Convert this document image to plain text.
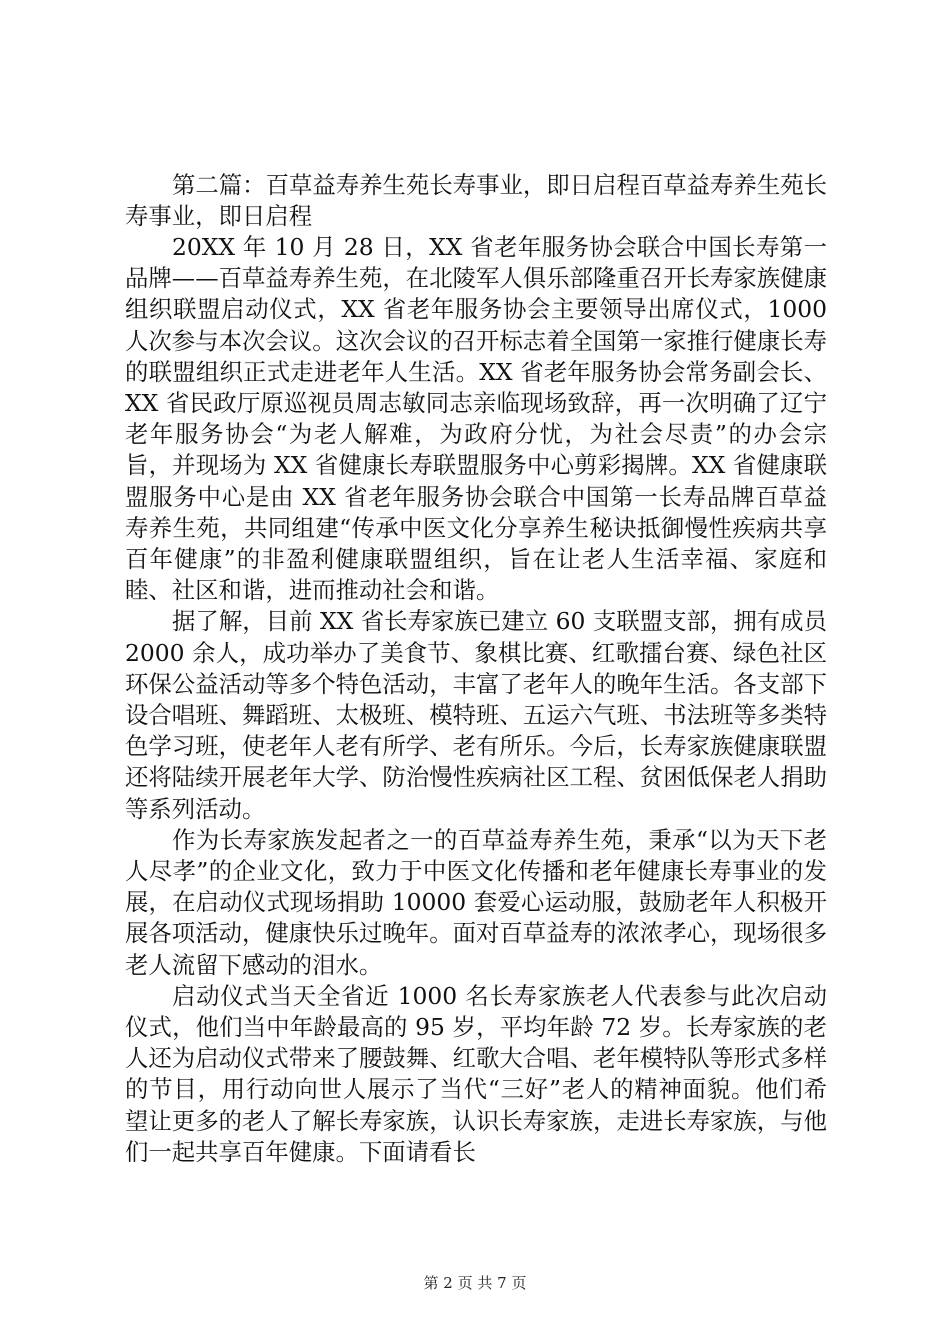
第二篇：百草益寿养生苑长寿事业，即日启程百草益寿养生苑长寿事业，即日启程

20XX 年 10 月 28 日，XX 省老年服务协会联合中国长寿第一品牌——百草益寿养生苑，在北陵军人俱乐部隆重召开长寿家族健康组织联盟启动仪式，XX 省老年服务协会主要领导出席仪式，1000 人次参与本次会议。这次会议的召开标志着全国第一家推行健康长寿的联盟组织正式走进老年人生活。XX 省老年服务协会常务副会长、XX 省民政厅原巡视员周志敏同志亲临现场致辞，再一次明确了辽宁老年服务协会“为老人解难，为政府分忧，为社会尽责”的办会宗旨，并现场为 XX 省健康长寿联盟服务中心剪彩揭牌。XX 省健康联盟服务中心是由 XX 省老年服务协会联合中国第一长寿品牌百草益寿养生苑，共同组建“传承中医文化分享养生秘诀抵御慢性疾病共享百年健康”的非盈利健康联盟组织，旨在让老人生活幸福、家庭和睦、社区和谐，进而推动社会和谐。

据了解，目前 XX 省长寿家族已建立 60 支联盟支部，拥有成员 2000 余人，成功举办了美食节、象棋比赛、红歌擂台赛、绿色社区环保公益活动等多个特色活动，丰富了老年人的晚年生活。各支部下设合唱班、舞蹈班、太极班、模特班、五运六气班、书法班等多类特色学习班，使老年人老有所学、老有所乐。今后，长寿家族健康联盟还将陆续开展老年大学、防治慢性疾病社区工程、贫困低保老人捐助等系列活动。

作为长寿家族发起者之一的百草益寿养生苑，秉承“以为天下老人尽孝”的企业文化，致力于中医文化传播和老年健康长寿事业的发展，在启动仪式现场捐助 10000 套爱心运动服，鼓励老年人积极开展各项活动，健康快乐过晚年。面对百草益寿的浓浓孝心，现场很多老人流留下感动的泪水。

启动仪式当天全省近 1000 名长寿家族老人代表参与此次启动仪式，他们当中年龄最高的 95 岁，平均年龄 72 岁。长寿家族的老人还为启动仪式带来了腰鼓舞、红歌大合唱、老年模特队等形式多样的节目，用行动向世人展示了当代“三好”老人的精神面貌。他们希望让更多的老人了解长寿家族，认识长寿家族，走进长寿家族，与他们一起共享百年健康。下面请看长

第 2 页 共 7 页
